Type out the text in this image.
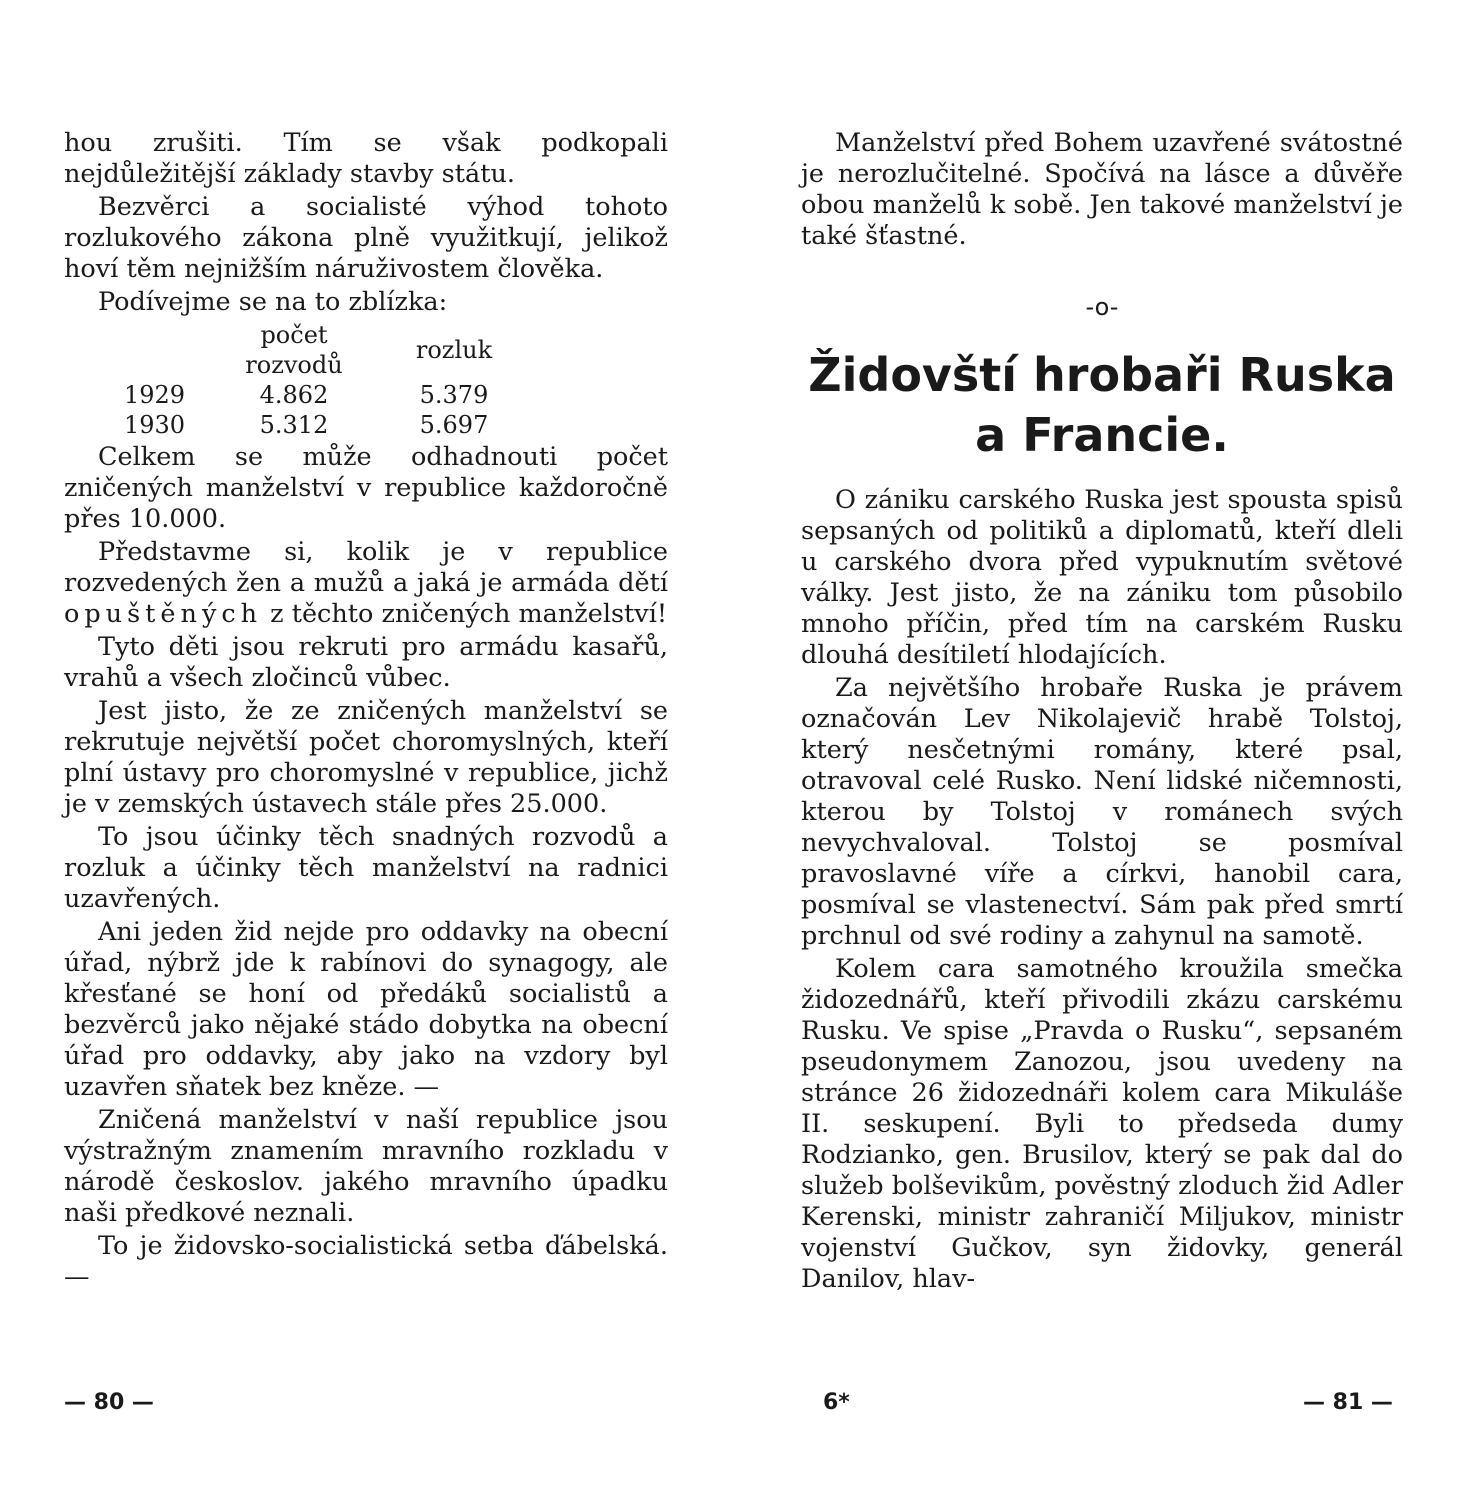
hou zrušiti. Tím se však podkopali nejdůležitější základy stavby státu.

Bezvěrci a socialisté výhod tohoto rozlukového zákona plně využitkují, jelikož hoví těm nejnižším náruživostem člověka.

Podívejme se na to zblízka:

	počet rozvodů	rozluk
1929	4.862	5.379
1930	5.312	5.697

Celkem se může odhadnouti počet zničených manželství v republice každoročně přes 10.000.

Představme si, kolik je v republice rozvedených žen a mužů a jaká je armáda dětí opuštěných z těchto zničených manželství!

Tyto děti jsou rekruti pro armádu kasařů, vrahů a všech zločinců vůbec.

Jest jisto, že ze zničených manželství se rekrutuje největší počet choromyslných, kteří plní ústavy pro choromyslné v republice, jichž je v zemských ústavech stále přes 25.000.

To jsou účinky těch snadných rozvodů a rozluk a účinky těch manželství na radnici uzavřených.

Ani jeden žid nejde pro oddavky na obecní úřad, nýbrž jde k rabínovi do synagogy, ale křesťané se honí od předáků socialistů a bezvěrců jako nějaké stádo dobytka na obecní úřad pro oddavky, aby jako na vzdory byl uzavřen sňatek bez kněze. —

Zničená manželství v naší republice jsou výstražným znamením mravního rozkladu v národě českoslov. jakého mravního úpadku naši předkové neznali.

To je židovsko-socialistická setba ďábelská. —

— 80 —

Manželství před Bohem uzavřené svátostné je nerozlučitelné. Spočívá na lásce a důvěře obou manželů k sobě. Jen takové manželství je také šťastné.

-o-
Židovští hrobaři Ruska
a Francie.

O zániku carského Ruska jest spousta spisů sepsaných od politiků a diplomatů, kteří dleli u carského dvora před vypuknutím světové války. Jest jisto, že na zániku tom působilo mnoho příčin, před tím na carském Rusku dlouhá desítiletí hlodajících.

Za největšího hrobaře Ruska je právem označován Lev Nikolajevič hrabě Tolstoj, který nesčetnými romány, které psal, otravoval celé Rusko. Není lidské ničemnosti, kterou by Tolstoj v románech svých nevychvaloval. Tolstoj se posmíval pravoslavné víře a církvi, hanobil cara, posmíval se vlastenectví. Sám pak před smrtí prchnul od své rodiny a zahynul na samotě.

Kolem cara samotného kroužila smečka židozednářů, kteří přivodili zkázu carskému Rusku. Ve spise „Pravda o Rusku“, sepsaném pseudonymem Zanozou, jsou uvedeny na stránce 26 židozednáři kolem cara Mikuláše II. seskupení. Byli to předseda dumy Rodzianko, gen. Brusilov, který se pak dal do služeb bolševikům, pověstný zloduch žid Adler Kerenski, ministr zahraničí Miljukov, ministr vojenství Gučkov, syn židovky, generál Danilov, hlav-

6*	— 81 —
